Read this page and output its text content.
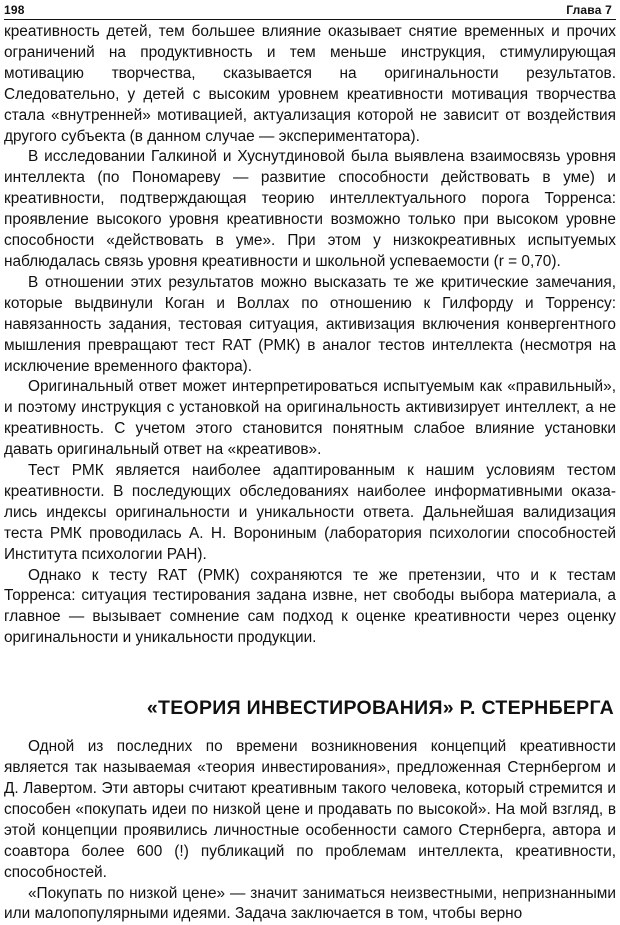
198	Глава 7

креативность детей, тем большее влияние оказывает снятие временных и прочих ограничений на продуктивность и тем меньше инструкция, стимулирующая мотивацию творчества, сказывается на оригинальности результатов. Следовательно, у детей с высоким уровнем креативности мотивация творчества стала «внутренней» мотивацией, актуализация которой не зависит от воздействия другого субъекта (в данном случае — экспериментатора).

В исследовании Галкиной и Хуснутдиновой была выявлена взаимосвязь уровня интеллекта (по Пономареву — развитие способности действовать в уме) и креативности, подтверждающая теорию интеллектуального порога Торренса: проявление высокого уровня креативности возможно только при высоком уровне способности «действовать в уме». При этом у низкокреативных испытуемых наблюдалась связь уровня креативности и школьной успеваемости (r = 0,70).

В отношении этих результатов можно высказать те же критические замечания, которые выдвинули Коган и Воллах по отношению к Гилфорду и Торренсу: навязанность задания, тестовая ситуация, активизация включения конвергентного мышления превращают тест RAT (РМК) в аналог тестов интеллекта (несмотря на исключение временного фактора).

Оригинальный ответ может интерпретироваться испытуемым как «правильный», и поэтому инструкция с установкой на оригинальность активизирует интеллект, а не креативность. С учетом этого становится понятным слабое влияние установки давать оригинальный ответ на «креативов».

Тест РМК является наиболее адаптированным к нашим условиям тестом креативности. В последующих обследованиях наиболее информативными оказались индексы оригинальности и уникальности ответа. Дальнейшая валидизация теста РМК проводилась А. Н. Ворониным (лаборатория психологии способностей Института психологии РАН).

Однако к тесту RAT (РМК) сохраняются те же претензии, что и к тестам Торренса: ситуация тестирования задана извне, нет свободы выбора материала, а главное — вызывает сомнение сам подход к оценке креативности через оценку оригинальности и уникальности продукции.

«ТЕОРИЯ ИНВЕСТИРОВАНИЯ» Р. СТЕРНБЕРГА

Одной из последних по времени возникновения концепций креативности является так называемая «теория инвестирования», предложенная Стернбергом и Д. Лавертом. Эти авторы считают креативным такого человека, который стремится и способен «покупать идеи по низкой цене и продавать по высокой». На мой взгляд, в этой концепции проявились личностные особенности самого Стернберга, автора и соавтора более 600 (!) публикаций по проблемам интеллекта, креативности, способностей.

«Покупать по низкой цене» — значит заниматься неизвестными, непризнанными или малопопулярными идеями. Задача заключается в том, чтобы верно
